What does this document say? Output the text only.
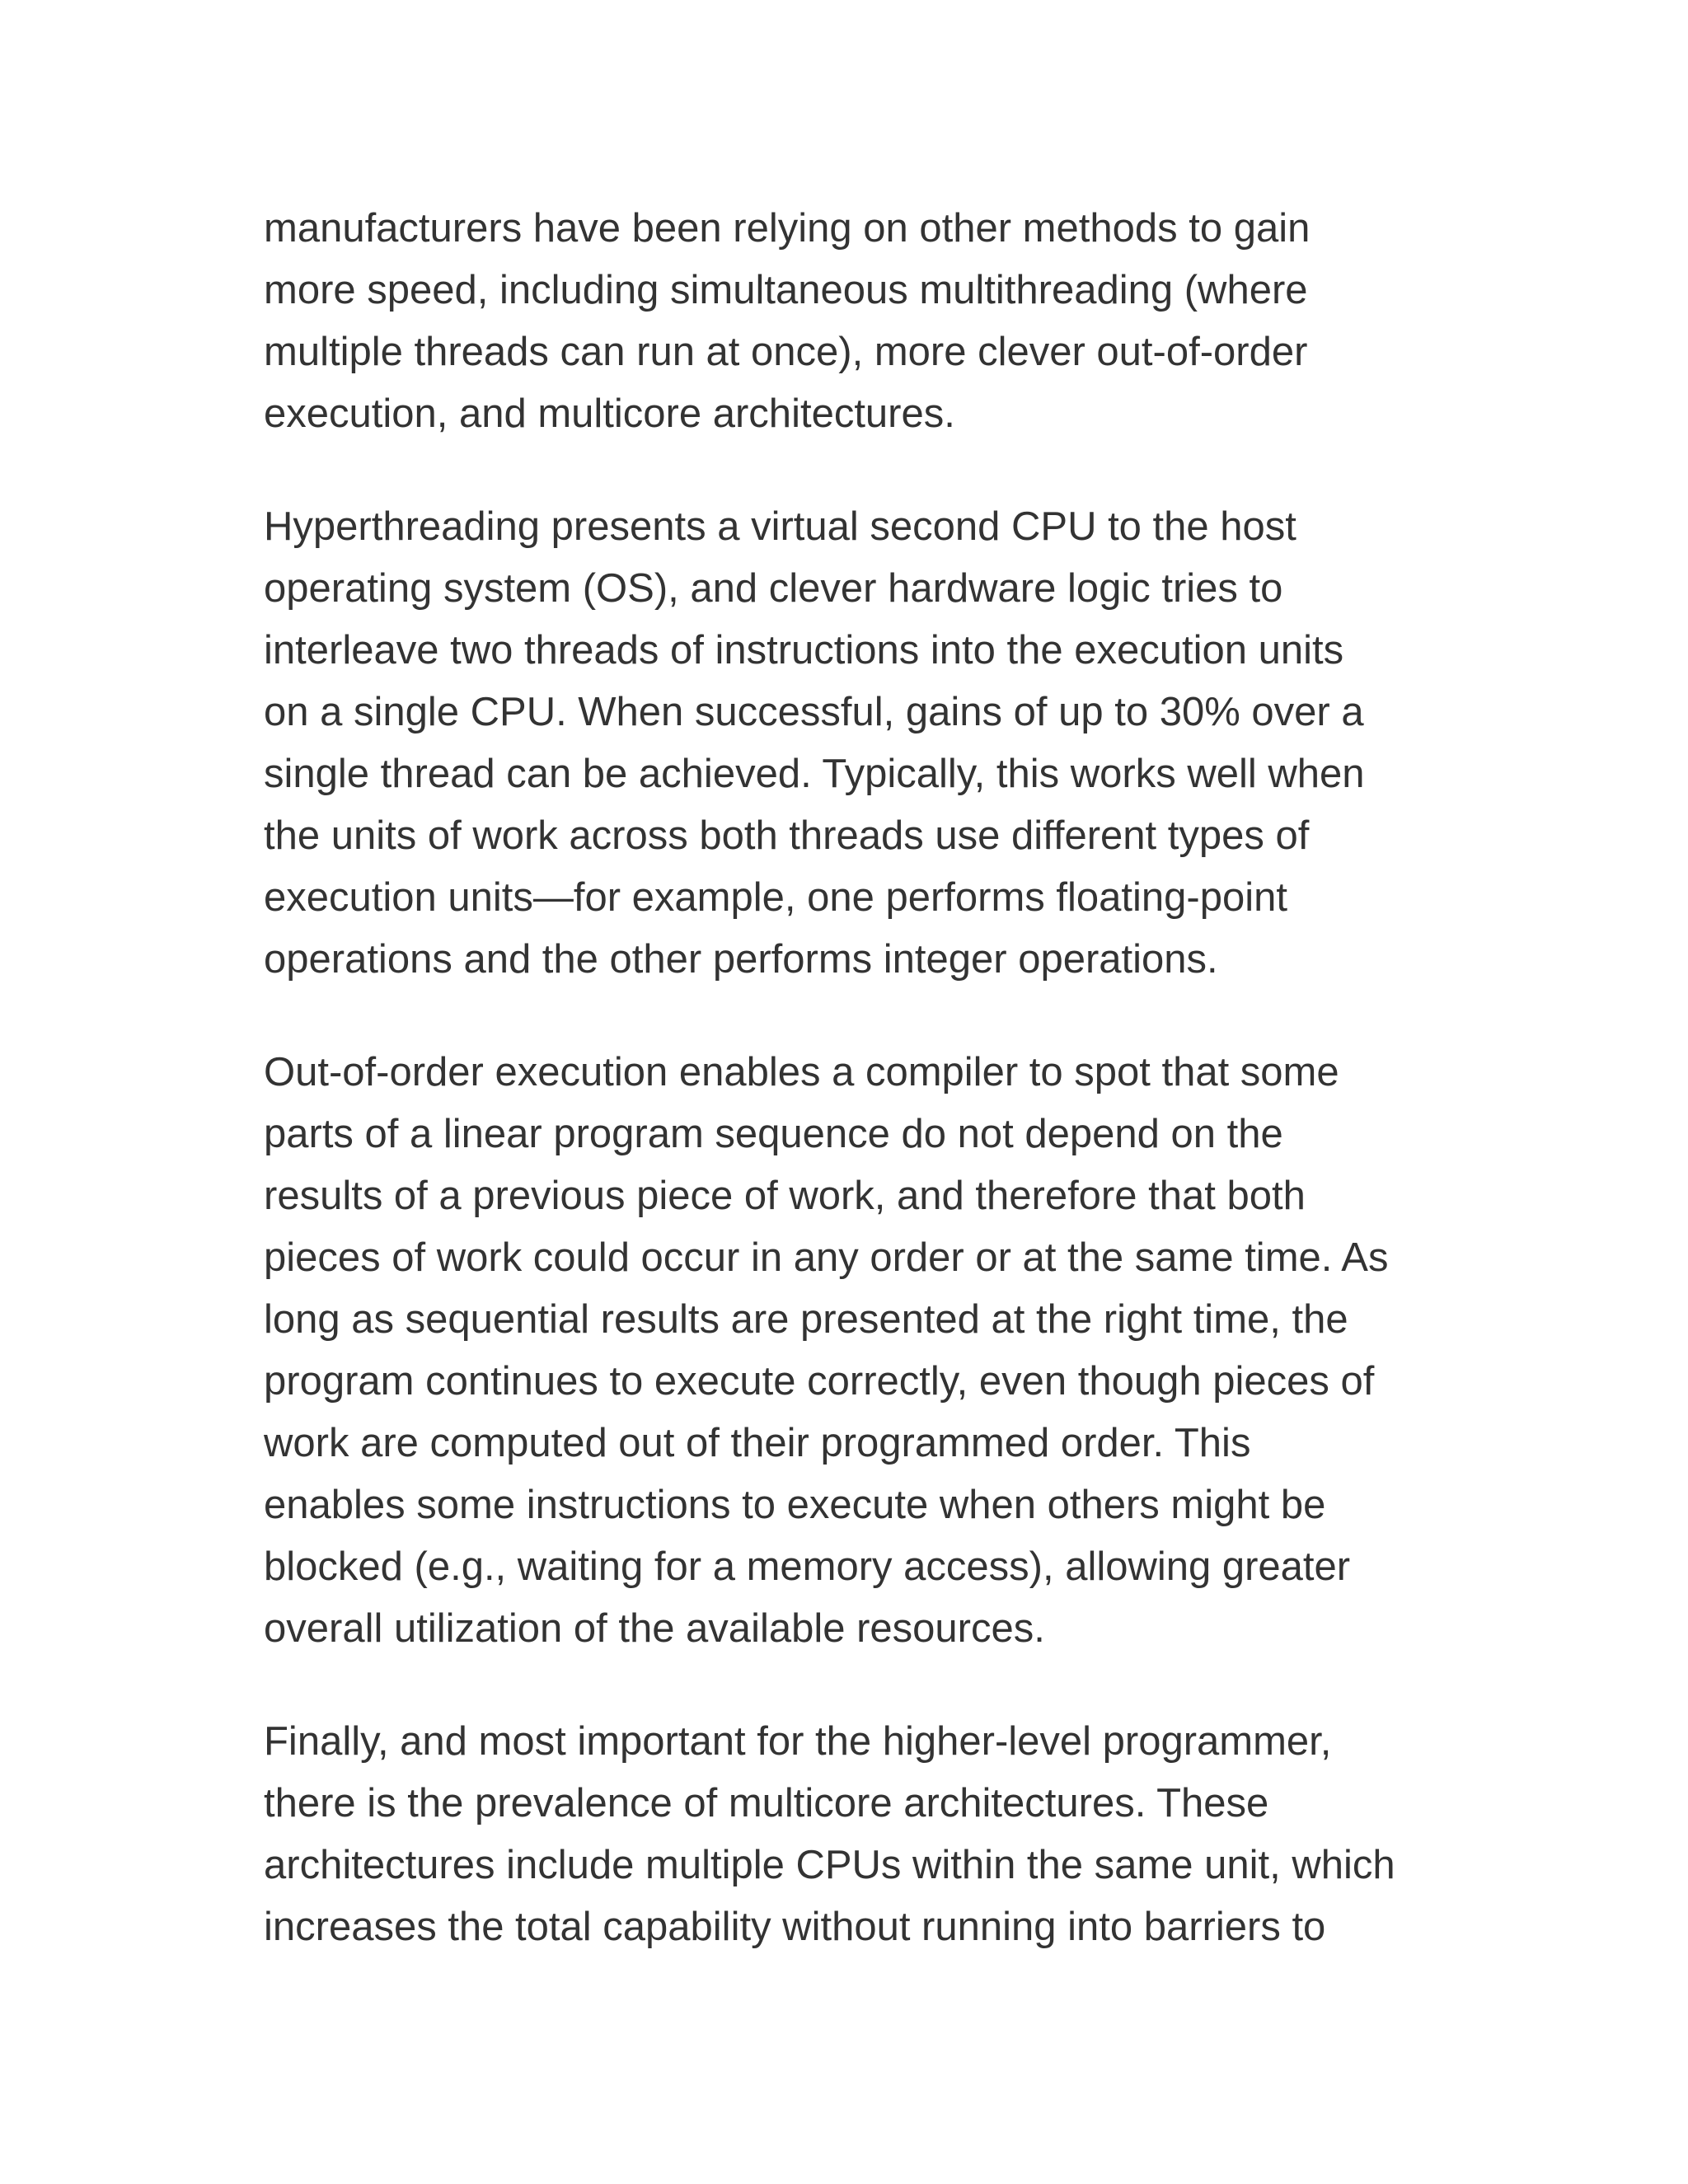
manufacturers have been relying on other methods to gain
more speed, including simultaneous multithreading (where
multiple threads can run at once), more clever out-of-order
execution, and multicore architectures.

Hyperthreading presents a virtual second CPU to the host
operating system (OS), and clever hardware logic tries to
interleave two threads of instructions into the execution units
on a single CPU. When successful, gains of up to 30% over a
single thread can be achieved. Typically, this works well when
the units of work across both threads use different types of
execution units—for example, one performs floating-point
operations and the other performs integer operations.

Out-of-order execution enables a compiler to spot that some
parts of a linear program sequence do not depend on the
results of a previous piece of work, and therefore that both
pieces of work could occur in any order or at the same time. As
long as sequential results are presented at the right time, the
program continues to execute correctly, even though pieces of
work are computed out of their programmed order. This
enables some instructions to execute when others might be
blocked (e.g., waiting for a memory access), allowing greater
overall utilization of the available resources.

Finally, and most important for the higher-level programmer,
there is the prevalence of multicore architectures. These
architectures include multiple CPUs within the same unit, which
increases the total capability without running into barriers to
